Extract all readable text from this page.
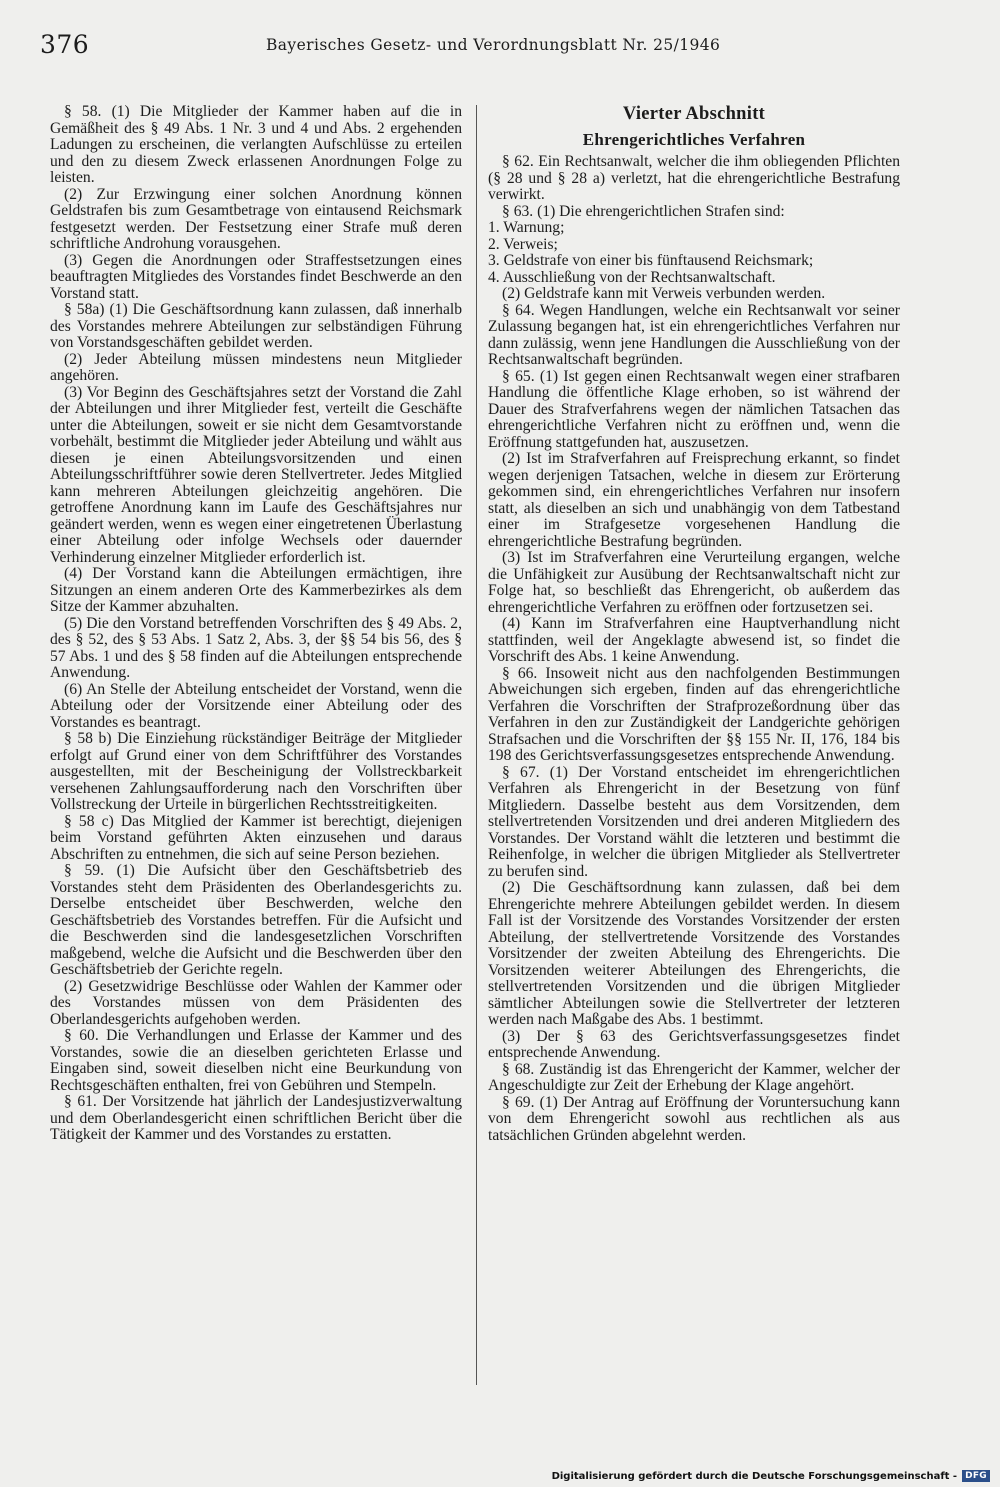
376	Bayerisches Gesetz- und Verordnungsblatt Nr. 25/1946

§ 58. (1) Die Mitglieder der Kammer haben auf die in Gemäßheit des § 49 Abs. 1 Nr. 3 und 4 und Abs. 2 ergehenden Ladungen zu erscheinen, die verlangten Aufschlüsse zu erteilen und den zu diesem Zweck erlassenen Anordnungen Folge zu leisten.

(2) Zur Erzwingung einer solchen Anordnung können Geldstrafen bis zum Gesamtbetrage von eintausend Reichsmark festgesetzt werden. Der Festsetzung einer Strafe muß deren schriftliche Androhung vorausgehen.

(3) Gegen die Anordnungen oder Straffestsetzungen eines beauftragten Mitgliedes des Vorstandes findet Beschwerde an den Vorstand statt.

§ 58a) (1) Die Geschäftsordnung kann zulassen, daß innerhalb des Vorstandes mehrere Abteilungen zur selbständigen Führung von Vorstandsgeschäften gebildet werden.

(2) Jeder Abteilung müssen mindestens neun Mitglieder angehören.

(3) Vor Beginn des Geschäftsjahres setzt der Vorstand die Zahl der Abteilungen und ihrer Mitglieder fest, verteilt die Geschäfte unter die Abteilungen, soweit er sie nicht dem Gesamtvorstande vorbehält, bestimmt die Mitglieder jeder Abteilung und wählt aus diesen je einen Abteilungsvorsitzenden und einen Abteilungsschriftführer sowie deren Stellvertreter. Jedes Mitglied kann mehreren Abteilungen gleichzeitig angehören. Die getroffene Anordnung kann im Laufe des Geschäftsjahres nur geändert werden, wenn es wegen einer eingetretenen Überlastung einer Abteilung oder infolge Wechsels oder dauernder Verhinderung einzelner Mitglieder erforderlich ist.

(4) Der Vorstand kann die Abteilungen ermächtigen, ihre Sitzungen an einem anderen Orte des Kammerbezirkes als dem Sitze der Kammer abzuhalten.

(5) Die den Vorstand betreffenden Vorschriften des § 49 Abs. 2, des § 52, des § 53 Abs. 1 Satz 2, Abs. 3, der §§ 54 bis 56, des § 57 Abs. 1 und des § 58 finden auf die Abteilungen entsprechende Anwendung.

(6) An Stelle der Abteilung entscheidet der Vorstand, wenn die Abteilung oder der Vorsitzende einer Abteilung oder des Vorstandes es beantragt.

§ 58 b) Die Einziehung rückständiger Beiträge der Mitglieder erfolgt auf Grund einer von dem Schriftführer des Vorstandes ausgestellten, mit der Bescheinigung der Vollstreckbarkeit versehenen Zahlungsaufforderung nach den Vorschriften über Vollstreckung der Urteile in bürgerlichen Rechtsstreitigkeiten.

§ 58 c) Das Mitglied der Kammer ist berechtigt, diejenigen beim Vorstand geführten Akten einzusehen und daraus Abschriften zu entnehmen, die sich auf seine Person beziehen.

§ 59. (1) Die Aufsicht über den Geschäftsbetrieb des Vorstandes steht dem Präsidenten des Oberlandesgerichts zu. Derselbe entscheidet über Beschwerden, welche den Geschäftsbetrieb des Vorstandes betreffen. Für die Aufsicht und die Beschwerden sind die landesgesetzlichen Vorschriften maßgebend, welche die Aufsicht und die Beschwerden über den Geschäftsbetrieb der Gerichte regeln.

(2) Gesetzwidrige Beschlüsse oder Wahlen der Kammer oder des Vorstandes müssen von dem Präsidenten des Oberlandesgerichts aufgehoben werden.

§ 60. Die Verhandlungen und Erlasse der Kammer und des Vorstandes, sowie die an dieselben gerichteten Erlasse und Eingaben sind, soweit dieselben nicht eine Beurkundung von Rechtsgeschäften enthalten, frei von Gebühren und Stempeln.

§ 61. Der Vorsitzende hat jährlich der Landesjustizverwaltung und dem Oberlandesgericht einen schriftlichen Bericht über die Tätigkeit der Kammer und des Vorstandes zu erstatten.

Vierter Abschnitt
Ehrengerichtliches Verfahren

§ 62. Ein Rechtsanwalt, welcher die ihm obliegenden Pflichten (§ 28 und § 28 a) verletzt, hat die ehrengerichtliche Bestrafung verwirkt.

§ 63. (1) Die ehrengerichtlichen Strafen sind:

1. Warnung;

2. Verweis;

3. Geldstrafe von einer bis fünftausend Reichsmark;

4. Ausschließung von der Rechtsanwaltschaft.

(2) Geldstrafe kann mit Verweis verbunden werden.

§ 64. Wegen Handlungen, welche ein Rechtsanwalt vor seiner Zulassung begangen hat, ist ein ehrengerichtliches Verfahren nur dann zulässig, wenn jene Handlungen die Ausschließung von der Rechtsanwaltschaft begründen.

§ 65. (1) Ist gegen einen Rechtsanwalt wegen einer strafbaren Handlung die öffentliche Klage erhoben, so ist während der Dauer des Strafverfahrens wegen der nämlichen Tatsachen das ehrengerichtliche Verfahren nicht zu eröffnen und, wenn die Eröffnung stattgefunden hat, auszusetzen.

(2) Ist im Strafverfahren auf Freisprechung erkannt, so findet wegen derjenigen Tatsachen, welche in diesem zur Erörterung gekommen sind, ein ehrengerichtliches Verfahren nur insofern statt, als dieselben an sich und unabhängig von dem Tatbestand einer im Strafgesetze vorgesehenen Handlung die ehrengerichtliche Bestrafung begründen.

(3) Ist im Strafverfahren eine Verurteilung ergangen, welche die Unfähigkeit zur Ausübung der Rechtsanwaltschaft nicht zur Folge hat, so beschließt das Ehrengericht, ob außerdem das ehrengerichtliche Verfahren zu eröffnen oder fortzusetzen sei.

(4) Kann im Strafverfahren eine Hauptverhandlung nicht stattfinden, weil der Angeklagte abwesend ist, so findet die Vorschrift des Abs. 1 keine Anwendung.

§ 66. Insoweit nicht aus den nachfolgenden Bestimmungen Abweichungen sich ergeben, finden auf das ehrengerichtliche Verfahren die Vorschriften der Strafprozeßordnung über das Verfahren in den zur Zuständigkeit der Landgerichte gehörigen Strafsachen und die Vorschriften der §§ 155 Nr. II, 176, 184 bis 198 des Gerichtsverfassungsgesetzes entsprechende Anwendung.

§ 67. (1) Der Vorstand entscheidet im ehrengerichtlichen Verfahren als Ehrengericht in der Besetzung von fünf Mitgliedern. Dasselbe besteht aus dem Vorsitzenden, dem stellvertretenden Vorsitzenden und drei anderen Mitgliedern des Vorstandes. Der Vorstand wählt die letzteren und bestimmt die Reihenfolge, in welcher die übrigen Mitglieder als Stellvertreter zu berufen sind.

(2) Die Geschäftsordnung kann zulassen, daß bei dem Ehrengerichte mehrere Abteilungen gebildet werden. In diesem Fall ist der Vorsitzende des Vorstandes Vorsitzender der ersten Abteilung, der stellvertretende Vorsitzende des Vorstandes Vorsitzender der zweiten Abteilung des Ehrengerichts. Die Vorsitzenden weiterer Abteilungen des Ehrengerichts, die stellvertretenden Vorsitzenden und die übrigen Mitglieder sämtlicher Abteilungen sowie die Stellvertreter der letzteren werden nach Maßgabe des Abs. 1 bestimmt.

(3) Der § 63 des Gerichtsverfassungsgesetzes findet entsprechende Anwendung.

§ 68. Zuständig ist das Ehrengericht der Kammer, welcher der Angeschuldigte zur Zeit der Erhebung der Klage angehört.

§ 69. (1) Der Antrag auf Eröffnung der Voruntersuchung kann von dem Ehrengericht sowohl aus rechtlichen als aus tatsächlichen Gründen abgelehnt werden.

Digitalisierung gefördert durch die Deutsche Forschungsgemeinschaft - DFG
